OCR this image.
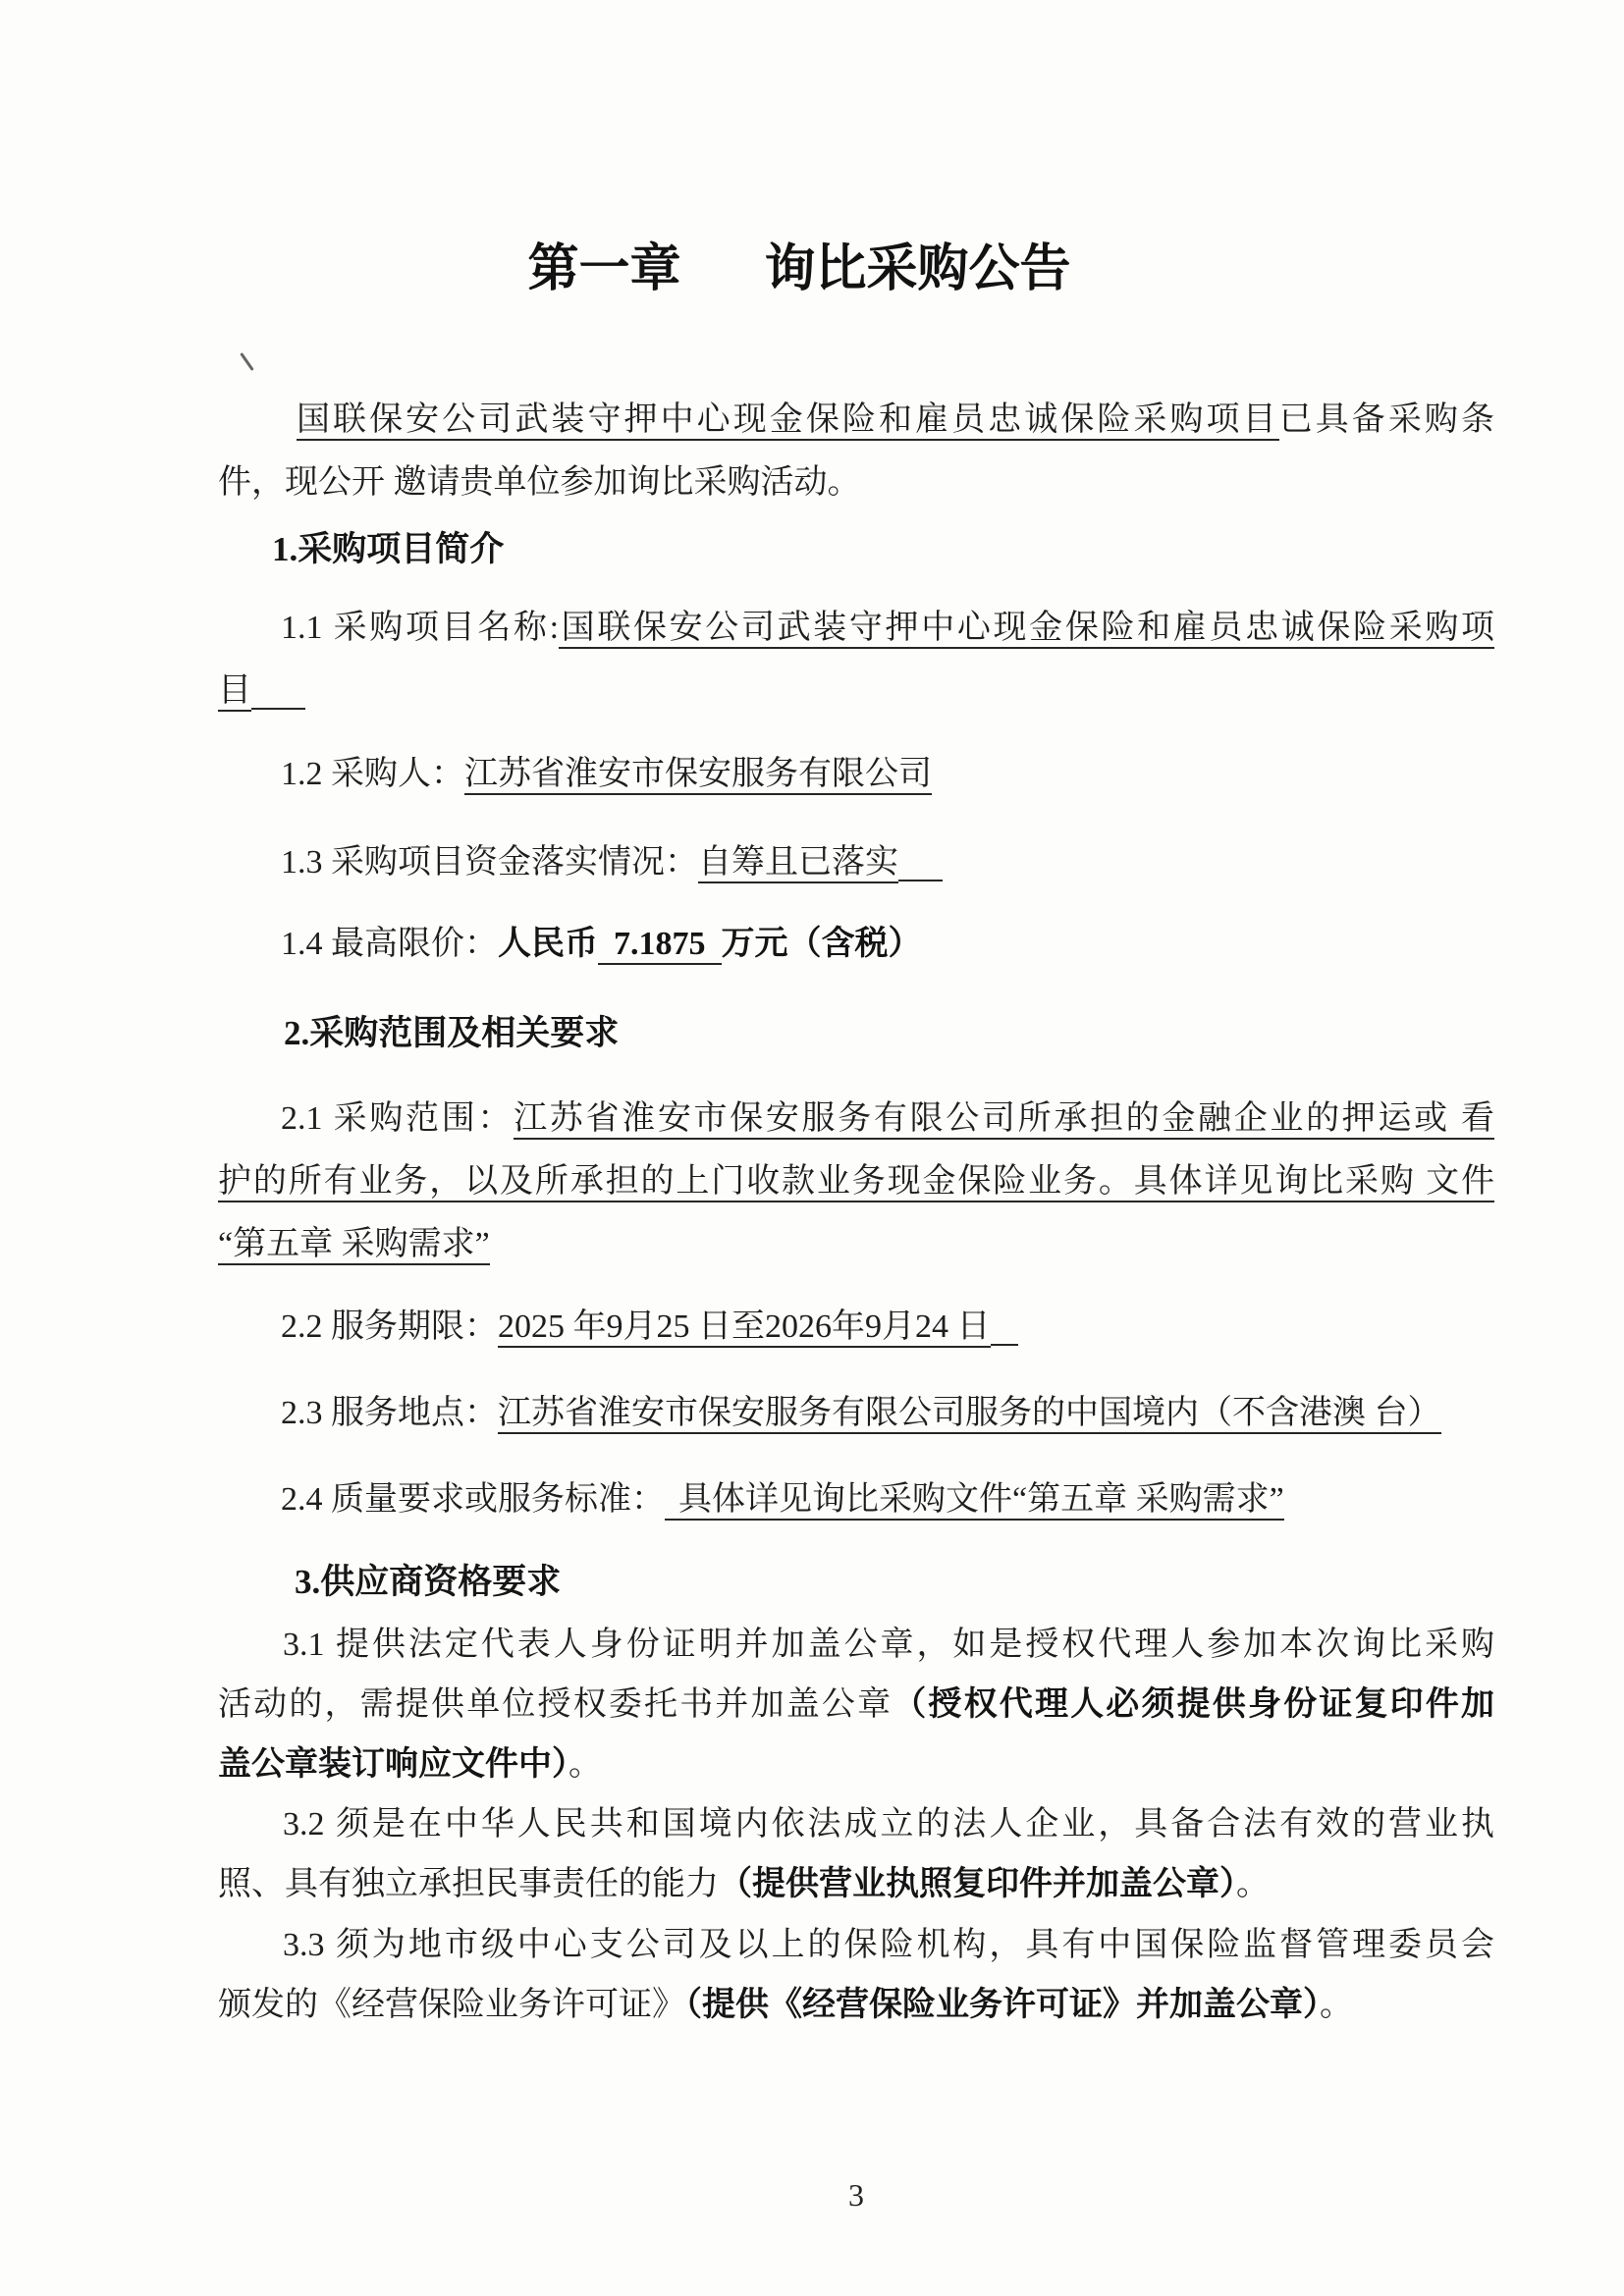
第一章 询比采购公告
国联保安公司武装守押中心现金保险和雇员忠诚保险采购项目已具备采购条
件，现公开 邀请贵单位参加询比采购活动。
1.采购项目简介
1.1 采购项目名称:国联保安公司武装守押中心现金保险和雇员忠诚保险采购项
目
1.2 采购人：江苏省淮安市保安服务有限公司
1.3 采购项目资金落实情况：自筹且已落实
1.4 最高限价：人民币 7.1875 万元（含税）
2.采购范围及相关要求
2.1 采购范围：江苏省淮安市保安服务有限公司所承担的金融企业的押运或 看
护的所有业务，以及所承担的上门收款业务现金保险业务。具体详见询比采购 文件
“第五章 采购需求”
2.2 服务期限：2025 年9月25 日至2026年9月24 日
2.3 服务地点：江苏省淮安市保安服务有限公司服务的中国境内（不含港澳 台）
2.4 质量要求或服务标准： 具体详见询比采购文件“第五章 采购需求”
3.供应商资格要求
3.1 提供法定代表人身份证明并加盖公章，如是授权代理人参加本次询比采购
活动的，需提供单位授权委托书并加盖公章（授权代理人必须提供身份证复印件加
盖公章装订响应文件中）。
3.2 须是在中华人民共和国境内依法成立的法人企业，具备合法有效的营业执
照、具有独立承担民事责任的能力（提供营业执照复印件并加盖公章）。
3.3 须为地市级中心支公司及以上的保险机构，具有中国保险监督管理委员会
颁发的《经营保险业务许可证》（提供《经营保险业务许可证》并加盖公章）。
3
